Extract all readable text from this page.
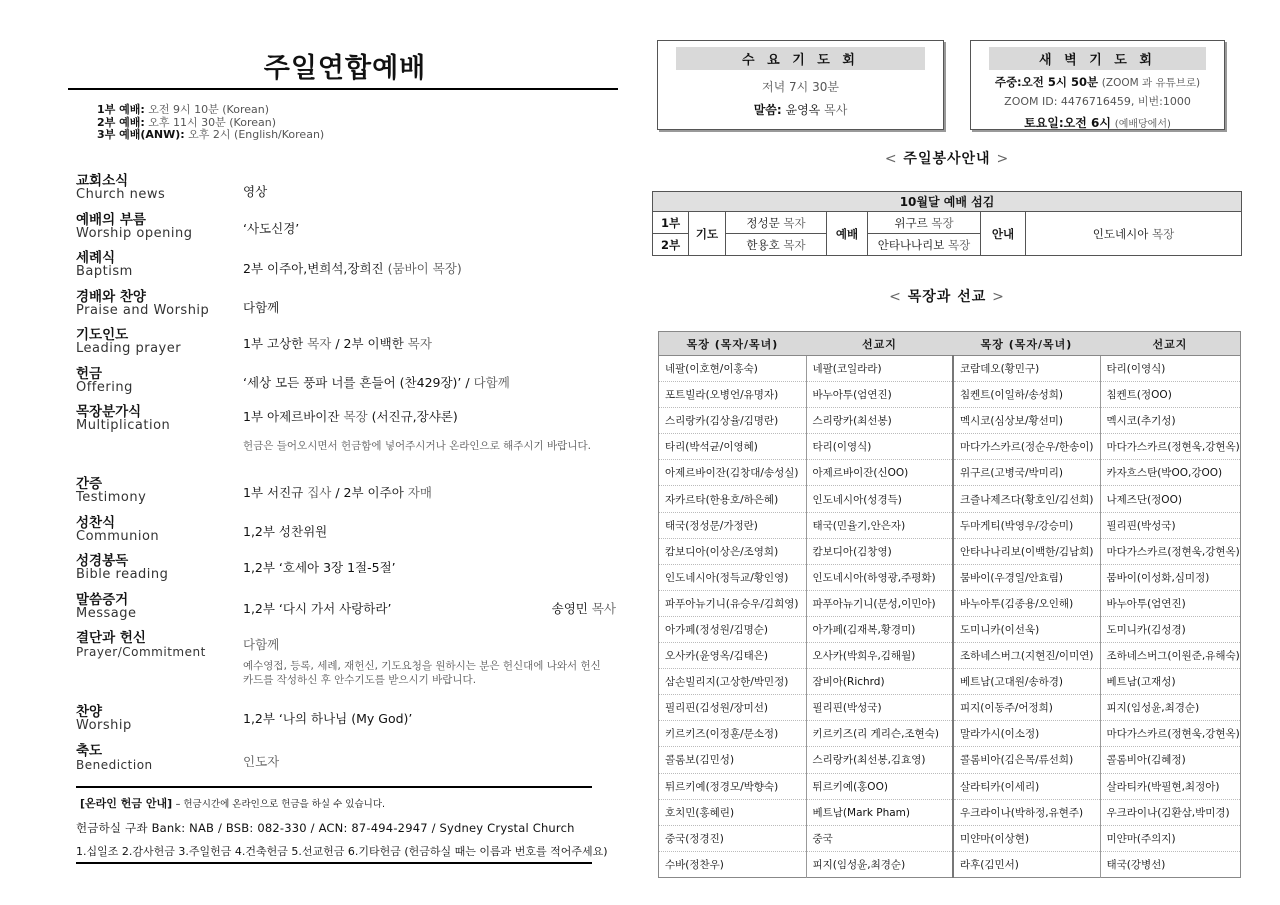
주일연합예배
1부 예배: 오전 9시 10분 (Korean)
2부 예배: 오후 11시 30분 (Korean)
3부 예배(ANW): 오후 2시 (English/Korean)
교회소식
Church news	영상
예배의 부름
Worship opening	‘사도신경’
세례식
Baptism	2부 이주아,변희석,장희진 (뭄바이 목장)
경배와 찬양
Praise and Worship	다함께
기도인도
Leading prayer	1부 고상한 목자 / 2부 이백한 목자
헌금
Offering	‘세상 모든 풍파 너를 흔들어 (찬429장)’ / 다함께
목장분가식
Multiplication
1부 아제르바이잔 목장 (서진규,장샤론)
헌금은 들어오시면서 헌금함에 넣어주시거나 온라인으로 해주시기 바랍니다.
간증
Testimony	1부 서진규 집사 / 2부 이주아 자매
성찬식
Communion	1,2부 성찬위원
성경봉독
Bible reading	1,2부 ‘호세아 3장 1절-5절’
말씀증거
Message	1,2부 ‘다시 가서 사랑하라’	송영민 목사
결단과 헌신
Prayer/Commitment	다함께
예수영접, 등록, 세례, 재헌신, 기도요청을 원하시는 분은 헌신대에 나와서 헌신카드를 작성하신 후 안수기도를 받으시기 바랍니다.
찬양
Worship	1,2부 ‘나의 하나님 (My God)’
축도
Benediction	인도자
[온라인 헌금 안내] – 헌금시간에 온라인으로 헌금을 하실 수 있습니다.
헌금하실 구좌 Bank: NAB / BSB: 082-330 / ACN: 87-494-2947 / Sydney Crystal Church
1.십일조 2.감사헌금 3.주일헌금 4.건축헌금 5.선교헌금 6.기타헌금 (헌금하실 때는 이름과 번호를 적어주세요)
수 요 기 도 회
저녁 7시 30분
말씀: 윤영옥 목사
새 벽 기 도 회
주중:오전 5시 50분 (ZOOM 과 유튜브로)
ZOOM ID: 4476716459, 비번:1000
토요일:오전 6시 (예배당에서)
< 주일봉사안내 >
10월달 예배 섬김						
1부	기도	정성문 목자	예배	위구르 목장	안내	인도네시아 목장
2부		한용호 목자		안타나나리보 목장		
< 목장과 선교 >
목장 (목자/목녀)	선교지	목장 (목자/목녀)	선교지
네팔(이호현/이홍숙)	네팔(코일라라)	코람데오(황민구)	타리(이영식)
포트빌라(오병언/유명자)	바누아투(엄연진)	침켄트(이일하/송성희)	침켄트(정OO)
스리랑카(김상율/김명란)	스리랑카(최선봉)	멕시코(심상보/황선미)	멕시코(추기성)
타리(박석균/이영혜)	타리(이영식)	마다가스카르(정순우/한송이)	마다가스카르(정현욱,강현옥)
아제르바이잔(김창대/송성실)	아제르바이잔(신OO)	위구르(고병국/박미리)	카자흐스탄(박OO,강OO)
자카르타(한용호/하은혜)	인도네시아(성경득)	크즐나제즈다(황호인/김선희)	나제즈단(정OO)
태국(정성문/가정란)	태국(민율기,안은자)	두마게티(박영우/강승미)	필리핀(박성국)
캄보디아(이상은/조영희)	캄보디아(김창영)	안타나나리보(이백한/김남희)	마다가스카르(정현욱,강현옥)
인도네시아(정득교/황인영)	인도네시아(하영광,주평화)	뭄바이(우경일/안효림)	뭄바이(이성화,심미정)
파푸아뉴기니(유승우/김희영)	파푸아뉴기니(문성,이민아)	바누아투(김종용/오인해)	바누아투(엄연진)
아가페(정성원/김명순)	아가페(김재복,황경미)	도미니카(이선욱)	도미니카(김성경)
오사카(윤영옥/김태은)	오사카(박희우,김해월)	조하네스버그(지현진/이미연)	조하네스버그(이원준,유해숙)
삼손빌리지(고상한/박민정)	잠비아(Richrd)	베트남(고대원/송하경)	베트남(고재성)
필리핀(김성원/장미선)	필리핀(박성국)	피지(이동주/어정희)	피지(임성윤,최경순)
키르키즈(이정훈/문소정)	키르키즈(리 게리슨,조현숙)	말라가시(이소정)	마다가스카르(정현욱,강현옥)
콜롬보(김민성)	스리랑카(최선봉,김효영)	콜롬비아(김은목/류선희)	콜롬비아(김혜정)
튀르키예(정경모/박향숙)	튀르키예(홍OO)	살라티카(이세리)	살라티카(박필현,최정아)
호치민(홍혜린)	베트남(Mark Pham)	우크라이나(박하정,유현주)	우크라이나(김환삼,박미경)
중국(정경진)	중국	미얀마(이상현)	미얀마(주의지)
수바(정찬우)	피지(임성윤,최경순)	라후(김민서)	태국(강병선)
